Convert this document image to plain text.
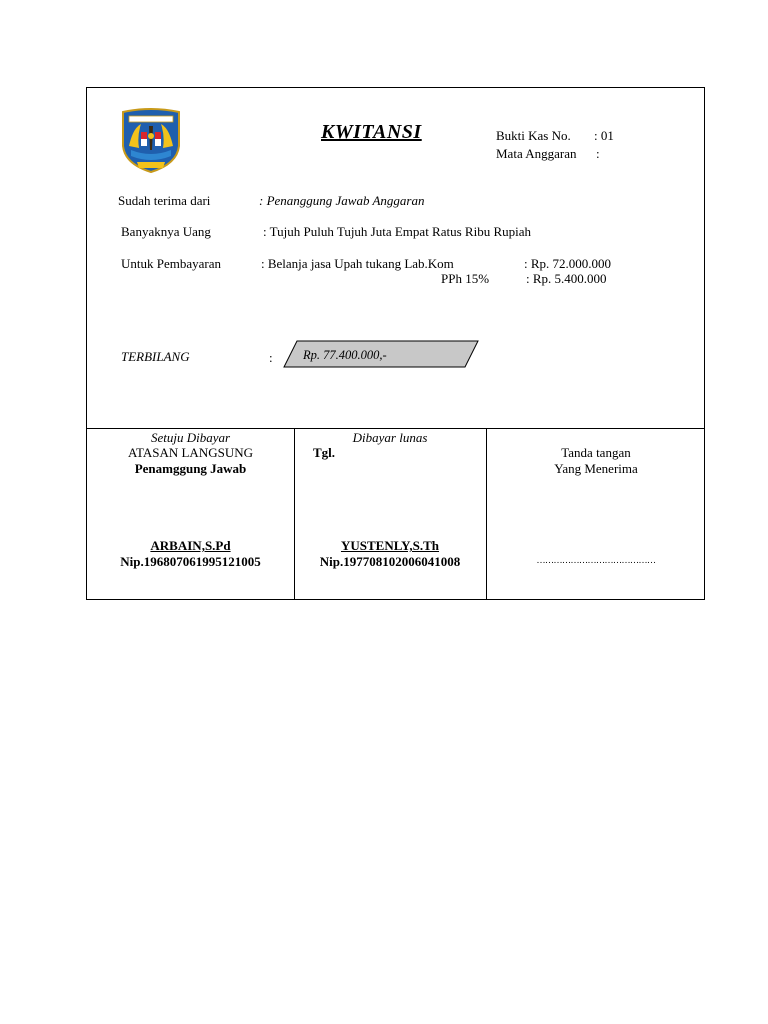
KWITANSI	Bukti Kas No. : 01
Mata Anggaran :
Sudah terima dari	: Penanggung Jawab Anggaran
Banyaknya Uang	: Tujuh Puluh Tujuh Juta Empat Ratus Ribu Rupiah
Untuk Pembayaran	: Belanja jasa Upah tukang Lab.Kom	: Rp. 72.000.000
PPh 15%	: Rp. 5.400.000
TERBILANG	: Rp. 77.400.000,-
Setuju Dibayar
ATASAN LANGSUNG
Penamggung Jawab
ARBAIN,S.Pd
Nip.196807061995121005
Dibayar lunas
Tgl.
YUSTENLY,S.Th
Nip.197708102006041008
Tanda tangan
Yang Menerima
……………………………………
